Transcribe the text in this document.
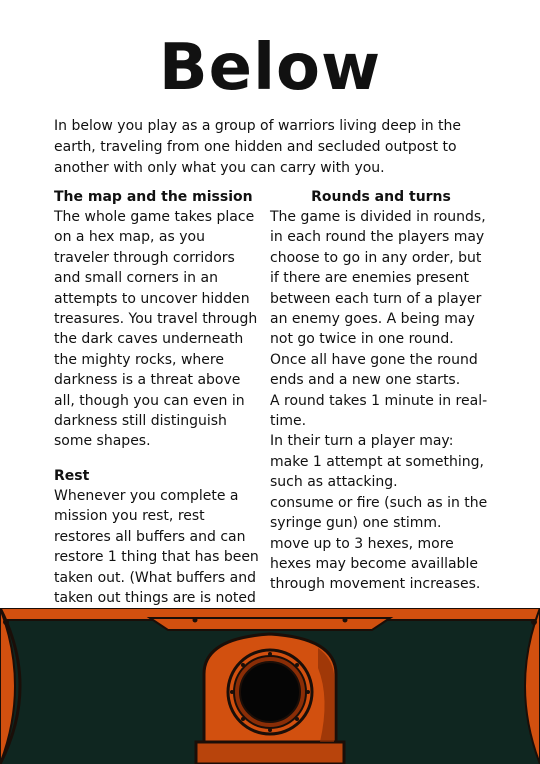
Below
In below you play as a group of warriors living deep in the earth, traveling from one hidden and secluded outpost to another with only what you can carry with you.
The map and the mission

The whole game takes place on a hex map, as you traveler through corridors and small corners in an attempts to uncover hidden treasures. You travel through the dark caves underneath the mighty rocks, where darkness is a threat above all, though you can even in darkness still distinguish some shapes.

Rest

Whenever you complete a mission you rest, rest restores all buffers and can restore 1 thing that has been taken out. (What buffers and taken out things are is noted

Rounds and turns

The game is divided in rounds, in each round the players may choose to go in any order, but if there are enemies present between each turn of a player an enemy goes. A being may not go twice in one round.

Once all have gone the round ends and a new one starts.

A round takes 1 minute in real-time.

In their turn a player may:

make 1 attempt at something, such as attacking.

consume or fire (such as in the syringe gun) one stimm.

move up to 3 hexes, more hexes may become availlable through movement increases.
